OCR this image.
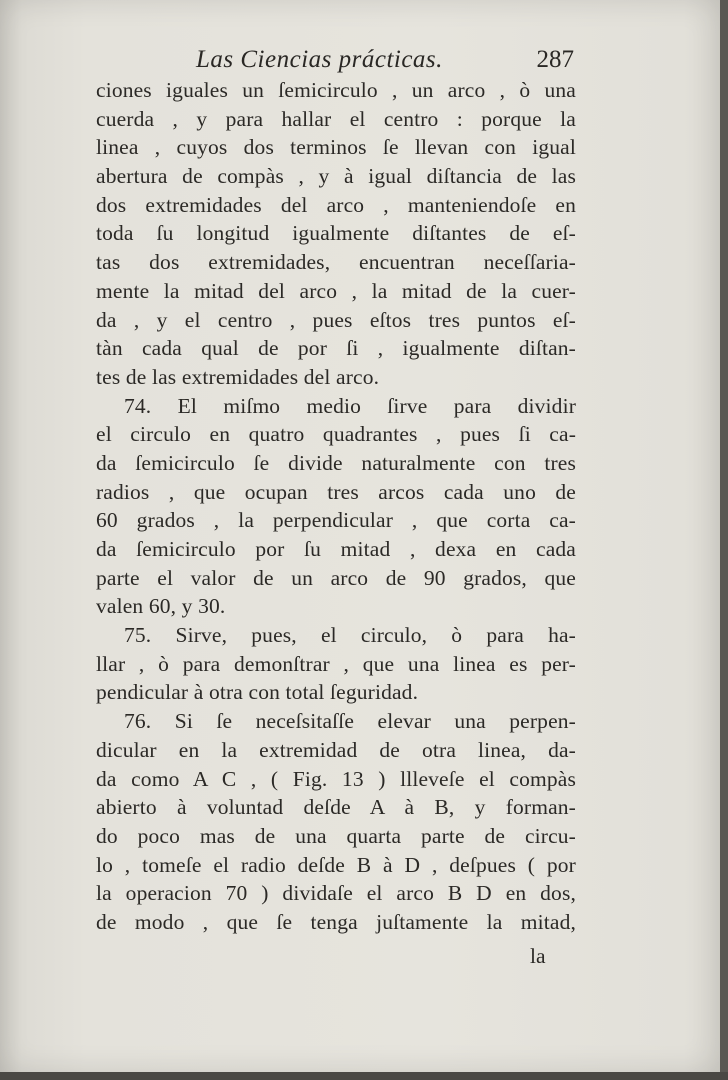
Las Ciencias prácticas.	287
ciones iguales un ſemicirculo , un arco , ò una
cuerda , y para hallar el centro : porque la
linea , cuyos dos terminos ſe llevan con igual
abertura de compàs , y à igual diſtancia de las
dos extremidades del arco , manteniendoſe en
toda ſu longitud igualmente diſtantes de eſ-
tas dos extremidades, encuentran neceſſaria-
mente la mitad del arco , la mitad de la cuer-
da , y el centro , pues eſtos tres puntos eſ-
tàn cada qual de por ſi , igualmente diſtan-
tes de las extremidades del arco.
74. El miſmo medio ſirve para dividir
el circulo en quatro quadrantes , pues ſi ca-
da ſemicirculo ſe divide naturalmente con tres
radios , que ocupan tres arcos cada uno de
60 grados , la perpendicular , que corta ca-
da ſemicirculo por ſu mitad , dexa en cada
parte el valor de un arco de 90 grados, que
valen 60, y 30.
75. Sirve, pues, el circulo, ò para ha-
llar , ò para demonſtrar , que una linea es per-
pendicular à otra con total ſeguridad.
76. Si ſe neceſsitaſſe elevar una perpen-
dicular en la extremidad de otra linea, da-
da como A C , ( Fig. 13 ) llleveſe el compàs
abierto à voluntad deſde A à B, y forman-
do poco mas de una quarta parte de circu-
lo , tomeſe el radio deſde B à D , deſpues ( por
la operacion 70 ) dividaſe el arco B D en dos,
de modo , que ſe tenga juſtamente la mitad,
la
